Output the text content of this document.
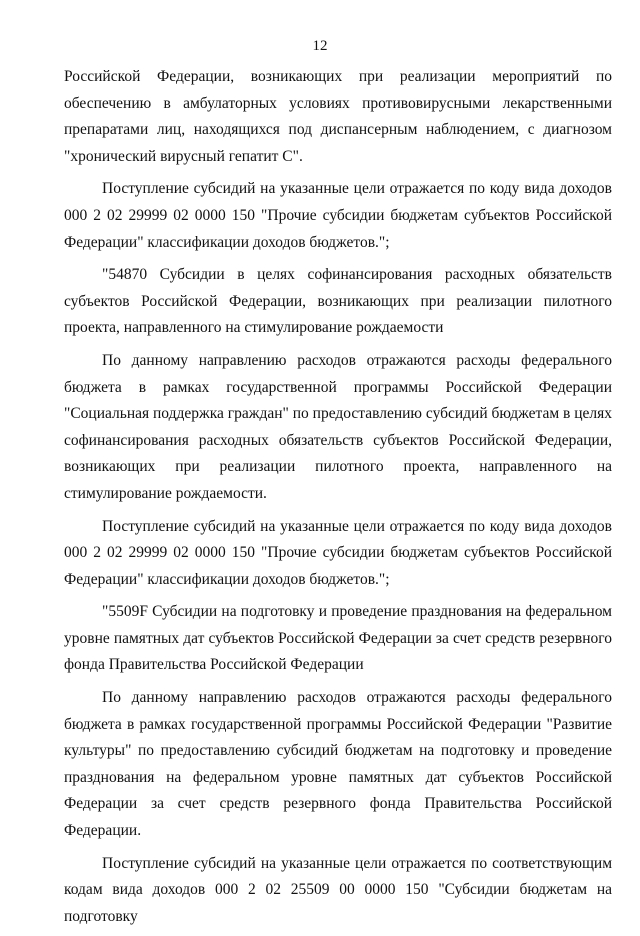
12

Российской Федерации, возникающих при реализации мероприятий по обеспечению в амбулаторных условиях противовирусными лекарственными препаратами лиц, находящихся под диспансерным наблюдением, с диагнозом "хронический вирусный гепатит С".

Поступление субсидий на указанные цели отражается по коду вида доходов 000 2 02 29999 02 0000 150 "Прочие субсидии бюджетам субъектов Российской Федерации" классификации доходов бюджетов.";

"54870 Субсидии в целях софинансирования расходных обязательств субъектов Российской Федерации, возникающих при реализации пилотного проекта, направленного на стимулирование рождаемости

По данному направлению расходов отражаются расходы федерального бюджета в рамках государственной программы Российской Федерации "Социальная поддержка граждан" по предоставлению субсидий бюджетам в целях софинансирования расходных обязательств субъектов Российской Федерации, возникающих при реализации пилотного проекта, направленного на стимулирование рождаемости.

Поступление субсидий на указанные цели отражается по коду вида доходов 000 2 02 29999 02 0000 150 "Прочие субсидии бюджетам субъектов Российской Федерации" классификации доходов бюджетов.";

"5509F Субсидии на подготовку и проведение празднования на федеральном уровне памятных дат субъектов Российской Федерации за счет средств резервного фонда Правительства Российской Федерации

По данному направлению расходов отражаются расходы федерального бюджета в рамках государственной программы Российской Федерации "Развитие культуры" по предоставлению субсидий бюджетам на подготовку и проведение празднования на федеральном уровне памятных дат субъектов Российской Федерации за счет средств резервного фонда Правительства Российской Федерации.

Поступление субсидий на указанные цели отражается по соответствующим кодам вида доходов 000 2 02 25509 00 0000 150 "Субсидии бюджетам на подготовку
